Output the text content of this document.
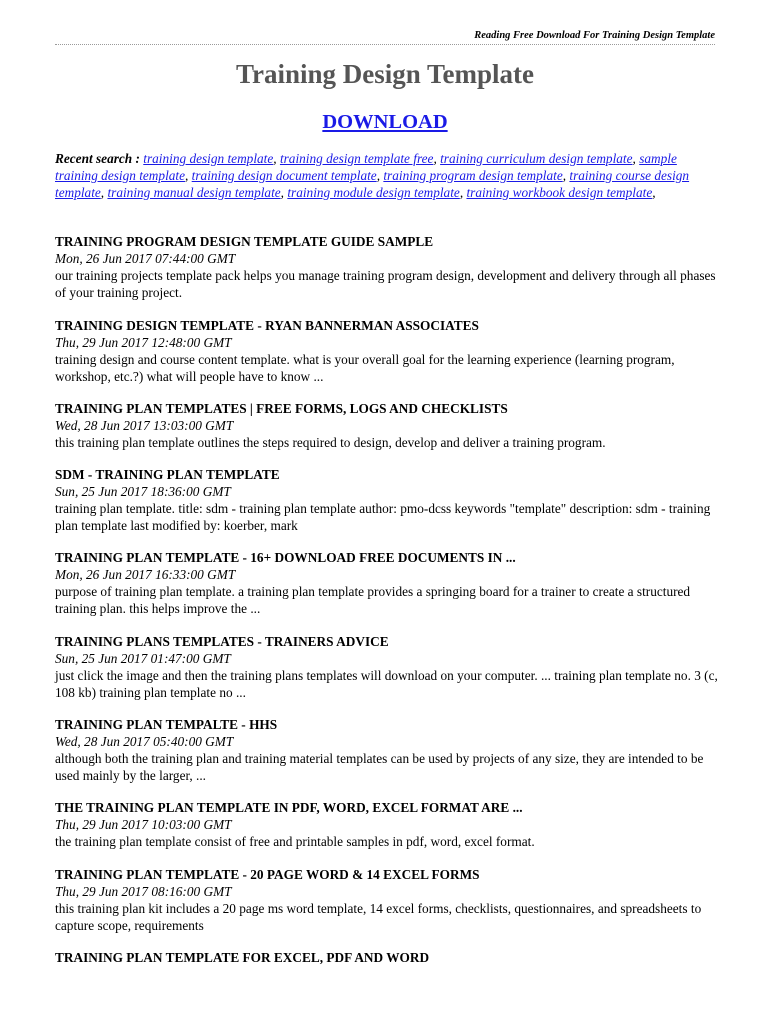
Reading Free Download For Training Design Template
Training Design Template
DOWNLOAD
Recent search : training design template, training design template free, training curriculum design template, sample training design template, training design document template, training program design template, training course design template, training manual design template, training module design template, training workbook design template,
TRAINING PROGRAM DESIGN TEMPLATE GUIDE SAMPLE
Mon, 26 Jun 2017 07:44:00 GMT
our training projects template pack helps you manage training program design, development and delivery through all phases of your training project.
TRAINING DESIGN TEMPLATE - RYAN BANNERMAN ASSOCIATES
Thu, 29 Jun 2017 12:48:00 GMT
training design and course content template. what is your overall goal for the learning experience (learning program, workshop, etc.?) what will people have to know ...
TRAINING PLAN TEMPLATES | FREE FORMS, LOGS AND CHECKLISTS
Wed, 28 Jun 2017 13:03:00 GMT
this training plan template outlines the steps required to design, develop and deliver a training program.
SDM - TRAINING PLAN TEMPLATE
Sun, 25 Jun 2017 18:36:00 GMT
training plan template. title: sdm - training plan template author: pmo-dcss keywords "template" description: sdm - training plan template last modified by: koerber, mark
TRAINING PLAN TEMPLATE - 16+ DOWNLOAD FREE DOCUMENTS IN ...
Mon, 26 Jun 2017 16:33:00 GMT
purpose of training plan template. a training plan template provides a springing board for a trainer to create a structured training plan. this helps improve the ...
TRAINING PLANS TEMPLATES - TRAINERS ADVICE
Sun, 25 Jun 2017 01:47:00 GMT
just click the image and then the training plans templates will download on your computer. ... training plan template no. 3 (c, 108 kb) training plan template no ...
TRAINING PLAN TEMPALTE - HHS
Wed, 28 Jun 2017 05:40:00 GMT
although both the training plan and training material templates can be used by projects of any size, they are intended to be used mainly by the larger, ...
THE TRAINING PLAN TEMPLATE IN PDF, WORD, EXCEL FORMAT ARE ...
Thu, 29 Jun 2017 10:03:00 GMT
the training plan template consist of free and printable samples in pdf, word, excel format.
TRAINING PLAN TEMPLATE - 20 PAGE WORD & 14 EXCEL FORMS
Thu, 29 Jun 2017 08:16:00 GMT
this training plan kit includes a 20 page ms word template, 14 excel forms, checklists, questionnaires, and spreadsheets to capture scope, requirements
TRAINING PLAN TEMPLATE FOR EXCEL, PDF AND WORD
